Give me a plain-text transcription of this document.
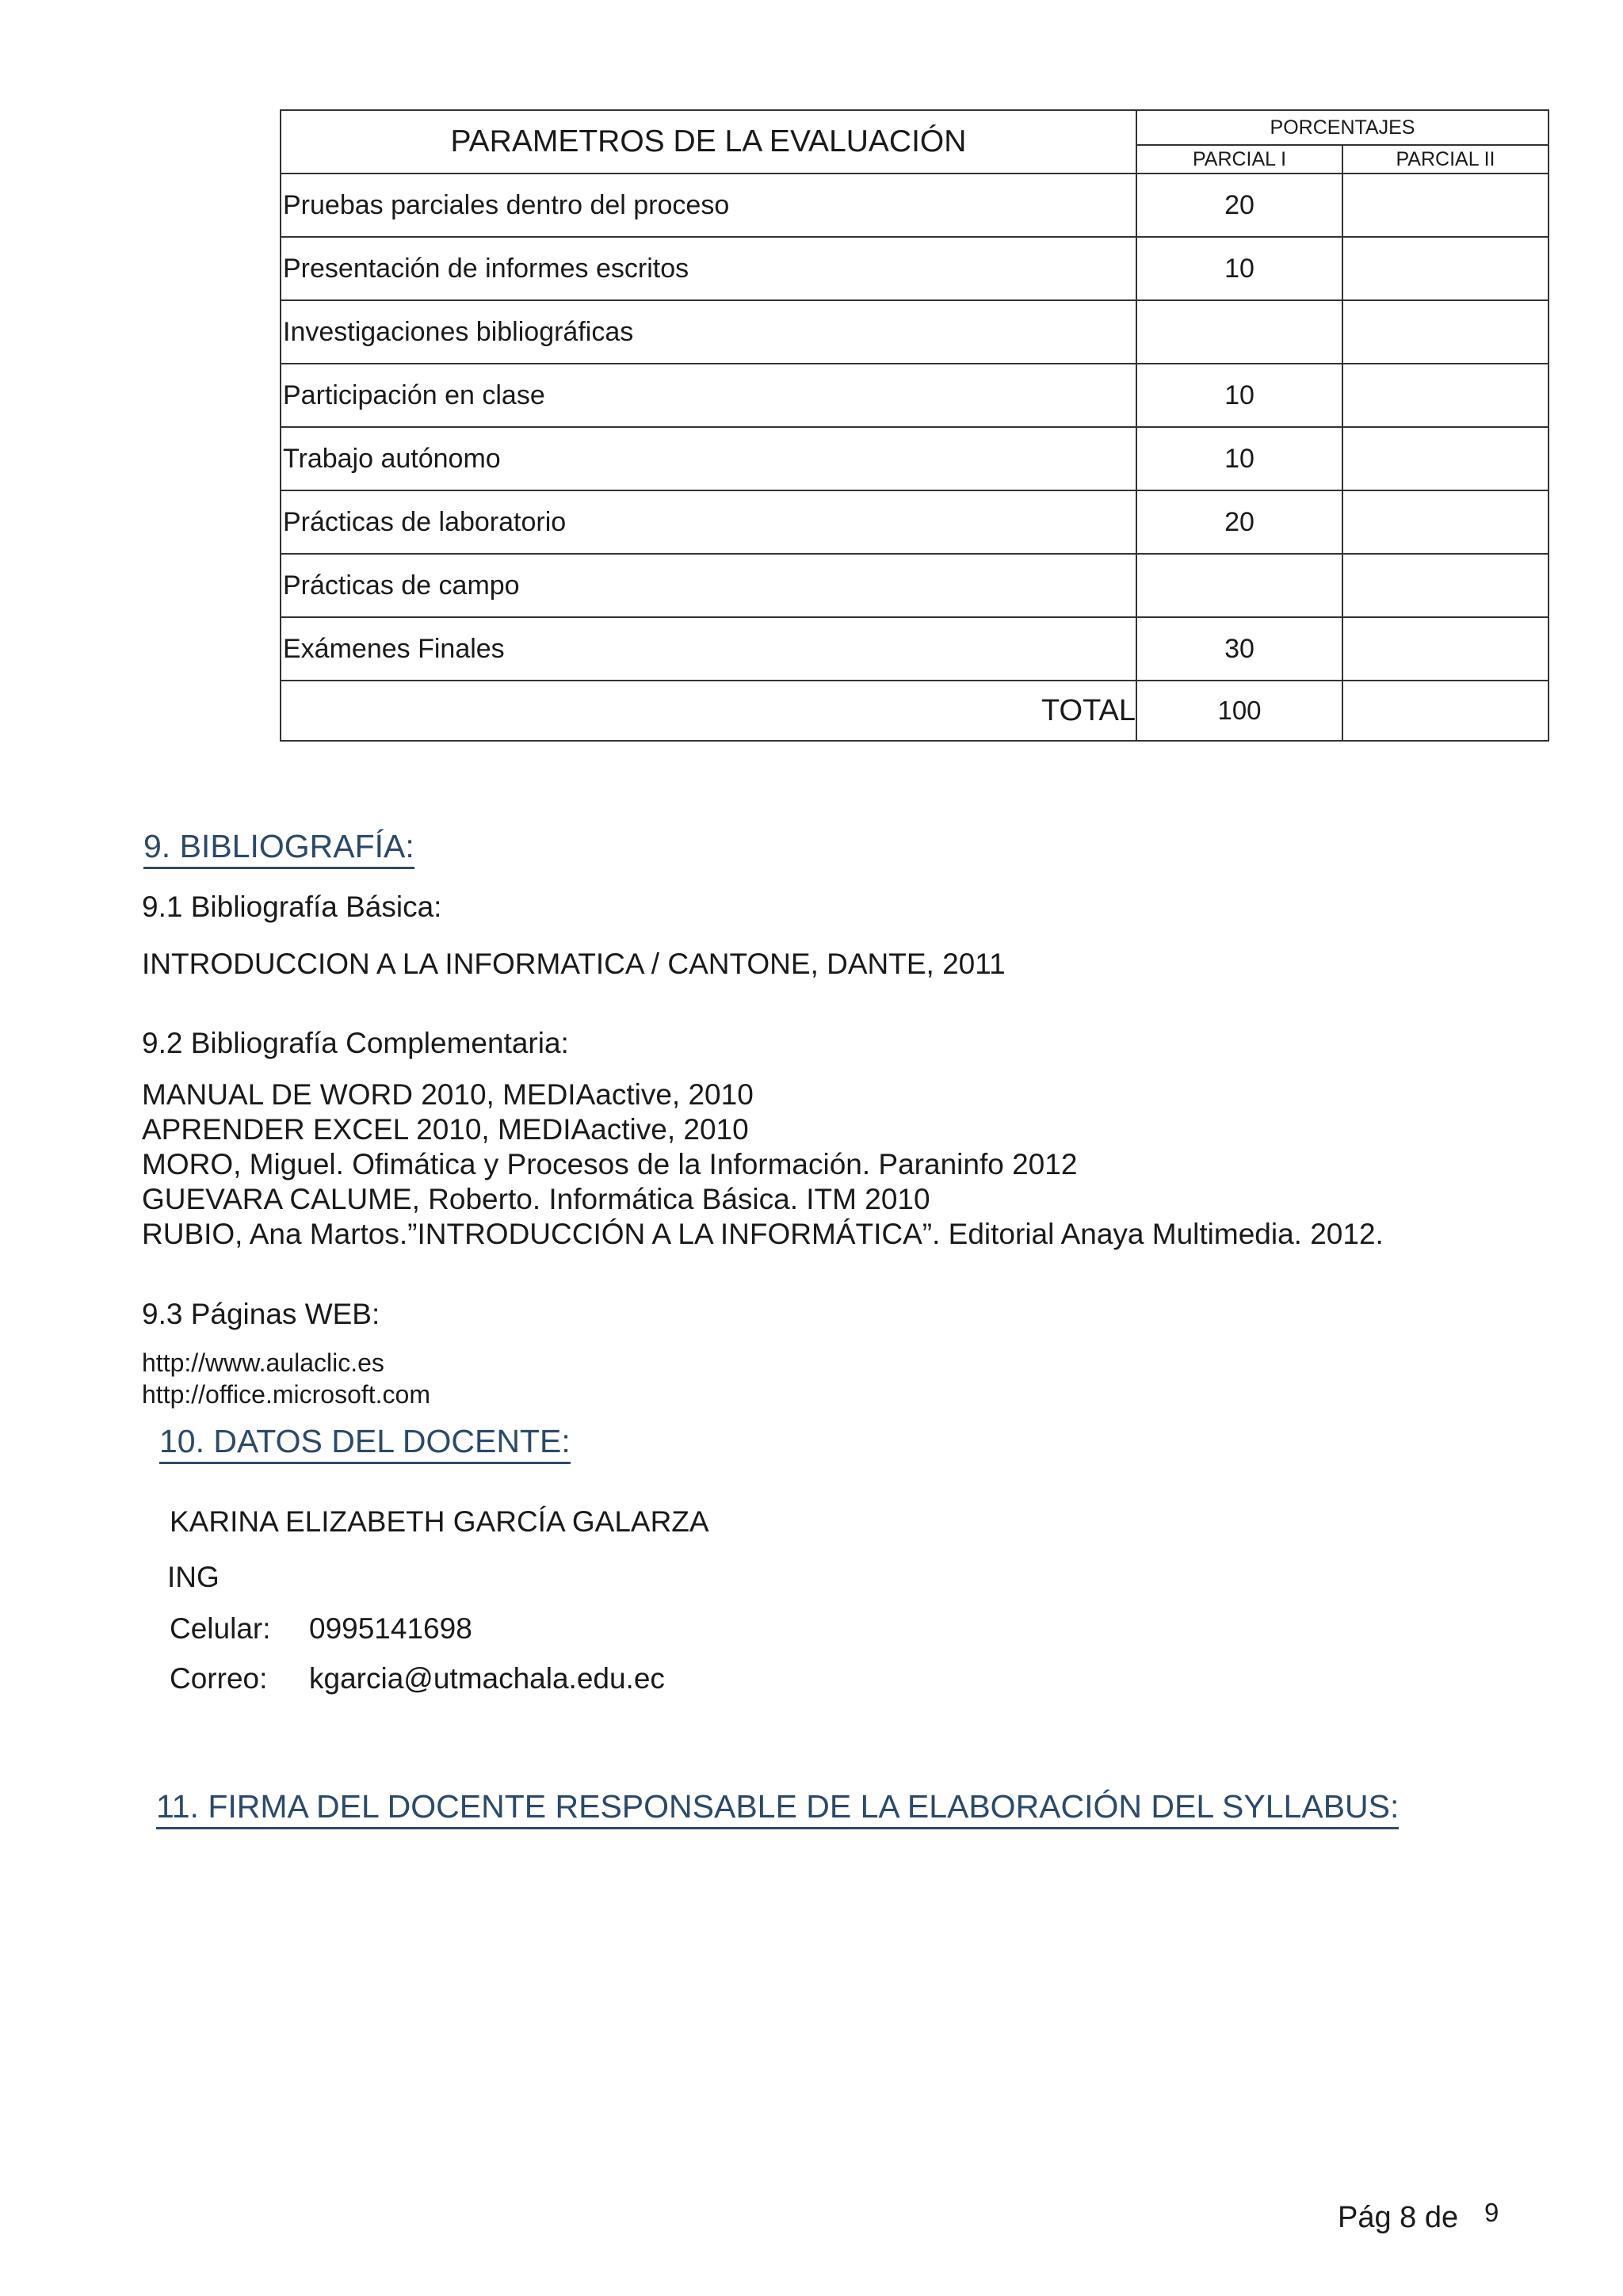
PARAMETROS DE LA EVALUACIÓN	PORCENTAJES	
	PARCIAL I	PARCIAL II
Pruebas parciales dentro del proceso	20	
Presentación de informes escritos	10	
Investigaciones bibliográficas		
Participación en clase	10	
Trabajo autónomo	10	
Prácticas de laboratorio	20	
Prácticas de campo		
Exámenes Finales	30	
TOTAL	100	
9. BIBLIOGRAFÍA:
9.1 Bibliografía Básica:
INTRODUCCION A LA INFORMATICA / CANTONE, DANTE, 2011
9.2 Bibliografía Complementaria:
MANUAL DE WORD 2010, MEDIAactive, 2010
APRENDER EXCEL 2010, MEDIAactive, 2010
MORO, Miguel. Ofimática y Procesos de la Información. Paraninfo 2012
GUEVARA CALUME, Roberto. Informática Básica. ITM 2010
RUBIO, Ana Martos.”INTRODUCCIÓN A LA INFORMÁTICA”. Editorial Anaya Multimedia. 2012.
9.3 Páginas WEB:
http://www.aulaclic.es
http://office.microsoft.com
10. DATOS DEL DOCENTE:
KARINA ELIZABETH GARCÍA GALARZA
ING
Celular: 0995141698
Correo: kgarcia@utmachala.edu.ec
11. FIRMA DEL DOCENTE RESPONSABLE DE LA ELABORACIÓN DEL SYLLABUS:
Pág 8 de 9
